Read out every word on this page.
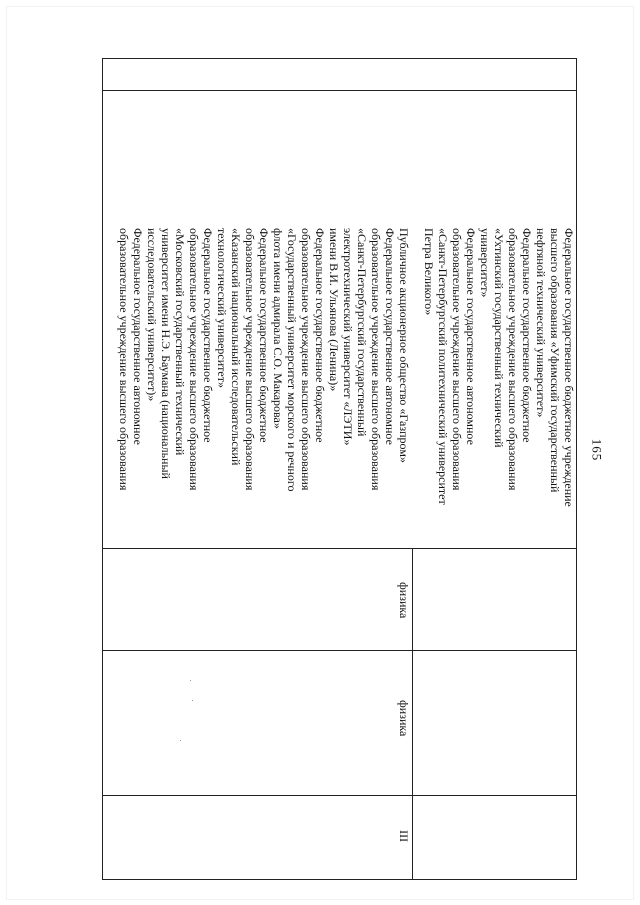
165
Федеральное государственное бюджетное учреждение
высшего образования «Уфимский государственный
нефтяной технический университет»
Федеральное государственное бюджетное
образовательное учреждение высшего образования
«Ухтинский государственный технический
университет»
Федеральное государственное автономное
образовательное учреждение высшего образования
«Санкт-Петербургский политехнический университет
Петра Великого»
Публичное акционерное общество «Газпром»
Федеральное государственное автономное
образовательное учреждение высшего образования
«Санкт-Петербургский государственный
электротехнический университет «ЛЭТИ»
имени В.И. Ульянова (Ленина)»
Федеральное государственное бюджетное
образовательное учреждение высшего образования
«Государственный университет морского и речного
флота имени адмирала С.О. Макарова»
Федеральное государственное бюджетное
образовательное учреждение высшего образования
«Казанский национальный исследовательский
технологический университет»
Федеральное государственное бюджетное
образовательное учреждение высшего образования
«Московский государственный технический
университет имени Н.Э. Баумана (национальный
исследовательский университет)»
Федеральное государственное автономное
образовательное учреждение высшего образования
физика
физика
III
